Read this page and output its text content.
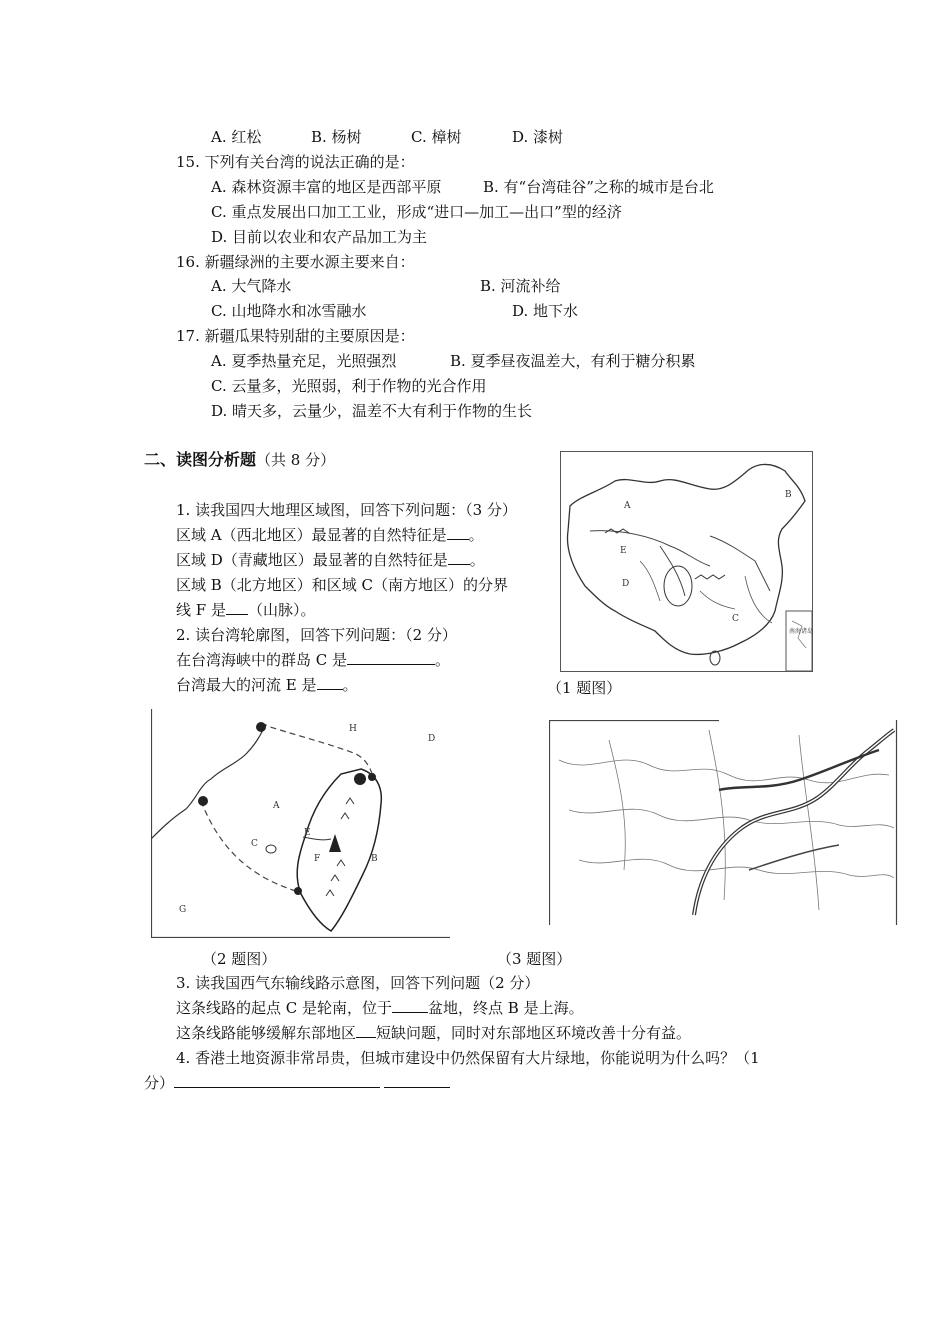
A. 红松	B. 杨树	C. 樟树	D. 漆树
15. 下列有关台湾的说法正确的是：
A. 森林资源丰富的地区是西部平原	B. 有“台湾硅谷”之称的城市是台北
C. 重点发展出口加工工业，形成“进口—加工—出口”型的经济
D. 目前以农业和农产品加工为主
16. 新疆绿洲的主要水源主要来自：
A. 大气降水	B. 河流补给
C. 山地降水和冰雪融水	D. 地下水
17. 新疆瓜果特别甜的主要原因是：
A. 夏季热量充足，光照强烈	B. 夏季昼夜温差大，有利于糖分积累
C. 云量多，光照弱，利于作物的光合作用
D. 晴天多，云量少，温差不大有利于作物的生长
二、读图分析题（共 8 分）
1. 读我国四大地理区域图，回答下列问题：（3 分）
区域 A（西北地区）最显著的自然特征是 。
区域 D（青藏地区）最显著的自然特征是 。
区域 B（北方地区）和区域 C（南方地区）的分界
线 F 是 （山脉）。
2. 读台湾轮廓图，回答下列问题：（2 分）
在台湾海峡中的群岛 C 是	。
台湾最大的河流 E 是 。
A
B
C
D
E
南海诸岛
（1 题图）
H
D
A
B
C
E
F
G
（2 题图）	（3 题图）
3. 读我国西气东输线路示意图，回答下列问题（2 分）
这条线路的起点 C 是轮南，位于 盆地，终点 B 是上海。
这条线路能够缓解东部地区 短缺问题，同时对东部地区环境改善十分有益。
4. 香港土地资源非常昂贵，但城市建设中仍然保留有大片绿地，你能说明为什么吗？（1
分）
